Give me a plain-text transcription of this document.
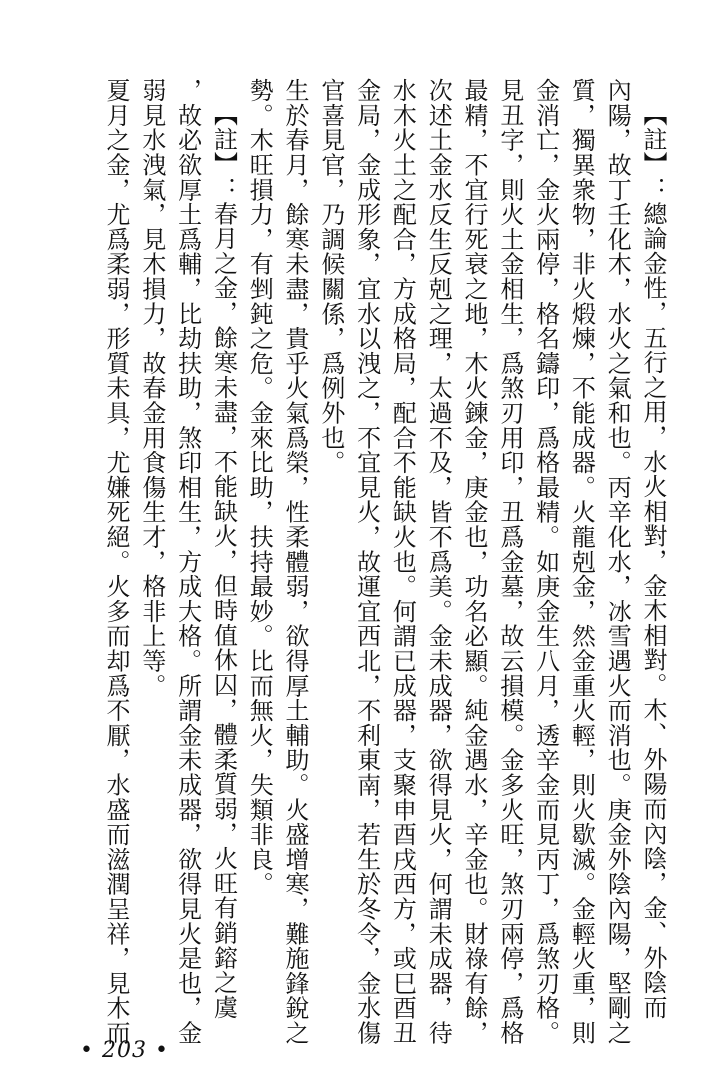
【註】：總論金性，五行之用，水火相對，金木相對。木、外陽而內陰，金、外陰而
內陽，故丁壬化木，水火之氣和也。丙辛化水，冰雪遇火而消也。庚金外陰內陽，堅剛之
質，獨異衆物，非火煅煉，不能成器。火龍剋金，然金重火輕，則火歇滅。金輕火重，則
金消亡，金火兩停，格名鑄印，爲格最精。如庚金生八月，透辛金而見丙丁，爲煞刃格。
見丑字，則火土金相生，爲煞刃用印，丑爲金墓，故云損模。金多火旺，煞刃兩停，爲格
最精，不宜行死衰之地，木火鍊金，庚金也，功名必顯。純金遇水，辛金也。財祿有餘，
次述土金水反生反剋之理，太過不及，皆不爲美。金未成器，欲得見火，何謂未成器，待
水木火土之配合，方成格局，配合不能缺火也。何謂已成器，支聚申酉戌西方，或巳酉丑
金局，金成形象，宜水以洩之，不宜見火，故運宜西北，不利東南，若生於冬令，金水傷
官喜見官，乃調候關係，爲例外也。
生於春月，餘寒未盡，貴乎火氣爲榮，性柔體弱，欲得厚土輔助。火盛增寒，難施鋒銳之
勢。木旺損力，有剉鈍之危。金來比助，扶持最妙。比而無火，失類非良。
【註】：春月之金，餘寒未盡，不能缺火，但時值休囚，體柔質弱，火旺有銷鎔之虞
，故必欲厚土爲輔，比劫扶助，煞印相生，方成大格。所謂金未成器，欲得見火是也，金
弱見水洩氣，見木損力，故春金用食傷生才，格非上等。
夏月之金，尤爲柔弱，形質未具，尤嫌死絕。火多而却爲不厭，水盛而滋潤呈祥，見木而
• 203 •
